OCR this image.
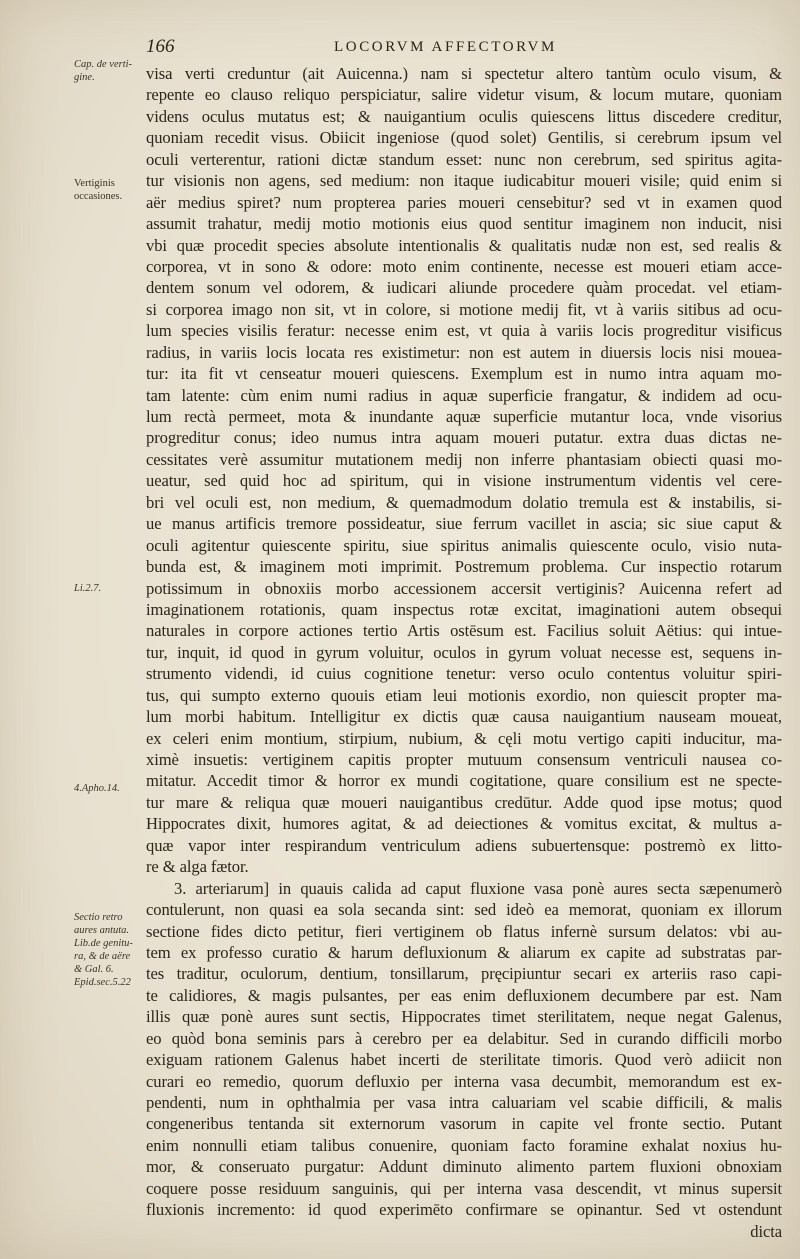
166	LOCORVM AFFECTORVM
Cap. de verti-
gine.
Vertiginis
occasiones.
Li.2.7.
4.Apho.14.
Sectio retro
aures antuta.
Lib.de genitu-
ra, & de aëre
& Gal. 6.
Epid.sec.5.22
visa verti creduntur (ait Auicenna.) nam si spectetur altero tantùm oculo visum, &
repente eo clauso reliquo perspiciatur, salire videtur visum, & locum mutare, quoniam
videns oculus mutatus est; & nauigantium oculis quiescens littus discedere creditur,
quoniam recedit visus. Obiicit ingeniose (quod solet) Gentilis, si cerebrum ipsum vel
oculi verterentur, rationi dictæ standum esset: nunc non cerebrum, sed spiritus agita-
tur visionis non agens, sed medium: non itaque iudicabitur moueri visile; quid enim si
aër medius spiret? num propterea paries moueri censebitur? sed vt in examen quod
assumit trahatur, medij motio motionis eius quod sentitur imaginem non inducit, nisi
vbi quæ procedit species absolute intentionalis & qualitatis nudæ non est, sed realis &
corporea, vt in sono & odore: moto enim continente, necesse est moueri etiam acce-
dentem sonum vel odorem, & iudicari aliunde procedere quàm procedat. vel etiam-
si corporea imago non sit, vt in colore, si motione medij fit, vt à variis sitibus ad ocu-
lum species visilis feratur: necesse enim est, vt quia à variis locis progreditur visificus
radius, in variis locis locata res existimetur: non est autem in diuersis locis nisi mouea-
tur: ita fit vt censeatur moueri quiescens. Exemplum est in numo intra aquam mo-
tam latente: cùm enim numi radius in aquæ superficie frangatur, & indidem ad ocu-
lum rectà permeet, mota & inundante aquæ superficie mutantur loca, vnde visorius
progreditur conus; ideo numus intra aquam moueri putatur. extra duas dictas ne-
cessitates verè assumitur mutationem medij non inferre phantasiam obiecti quasi mo-
ueatur, sed quid hoc ad spiritum, qui in visione instrumentum videntis vel cere-
bri vel oculi est, non medium, & quemadmodum dolatio tremula est & instabilis, si-
ue manus artificis tremore possideatur, siue ferrum vacillet in ascia; sic siue caput &
oculi agitentur quiescente spiritu, siue spiritus animalis quiescente oculo, visio nuta-
bunda est, & imaginem moti imprimit. Postremum problema. Cur inspectio rotarum
potissimum in obnoxiis morbo accessionem accersit vertiginis? Auicenna refert ad
imaginationem rotationis, quam inspectus rotæ excitat, imaginationi autem obsequi
naturales in corpore actiones tertio Artis ostēsum est. Facilius soluit Aëtius: qui intue-
tur, inquit, id quod in gyrum voluitur, oculos in gyrum voluat necesse est, sequens in-
strumento videndi, id cuius cognitione tenetur: verso oculo contentus voluitur spiri-
tus, qui sumpto externo quouis etiam leui motionis exordio, non quiescit propter ma-
lum morbi habitum. Intelligitur ex dictis quæ causa nauigantium nauseam moueat,
ex celeri enim montium, stirpium, nubium, & cęli motu vertigo capiti inducitur, ma-
ximè insuetis: vertiginem capitis propter mutuum consensum ventriculi nausea co-
mitatur. Accedit timor & horror ex mundi cogitatione, quare consilium est ne specte-
tur mare & reliqua quæ moueri nauigantibus credūtur. Adde quod ipse motus; quod
Hippocrates dixit, humores agitat, & ad deiectiones & vomitus excitat, & multus a-
quæ vapor inter respirandum ventriculum adiens subuertensque: postremò ex litto-
re & alga fætor.
3. arteriarum] in quauis calida ad caput fluxione vasa ponè aures secta sæpenumerò
contulerunt, non quasi ea sola secanda sint: sed ideò ea memorat, quoniam ex illorum
sectione fides dicto petitur, fieri vertiginem ob flatus infernè sursum delatos: vbi au-
tem ex professo curatio & harum defluxionum & aliarum ex capite ad substratas par-
tes traditur, oculorum, dentium, tonsillarum, pręcipiuntur secari ex arteriis raso capi-
te calidiores, & magis pulsantes, per eas enim defluxionem decumbere par est. Nam
illis quæ ponè aures sunt sectis, Hippocrates timet sterilitatem, neque negat Galenus,
eo quòd bona seminis pars à cerebro per ea delabitur. Sed in curando difficili morbo
exiguam rationem Galenus habet incerti de sterilitate timoris. Quod verò adiicit non
curari eo remedio, quorum defluxio per interna vasa decumbit, memorandum est ex-
pendenti, num in ophthalmia per vasa intra caluariam vel scabie difficili, & malis
congeneribus tentanda sit externorum vasorum in capite vel fronte sectio. Putant
enim nonnulli etiam talibus conuenire, quoniam facto foramine exhalat noxius hu-
mor, & conseruato purgatur: Addunt diminuto alimento partem fluxioni obnoxiam
coquere posse residuum sanguinis, qui per interna vasa descendit, vt minus supersit
fluxionis incremento: id quod experimēto confirmare se opinantur. Sed vt ostendunt
dicta
